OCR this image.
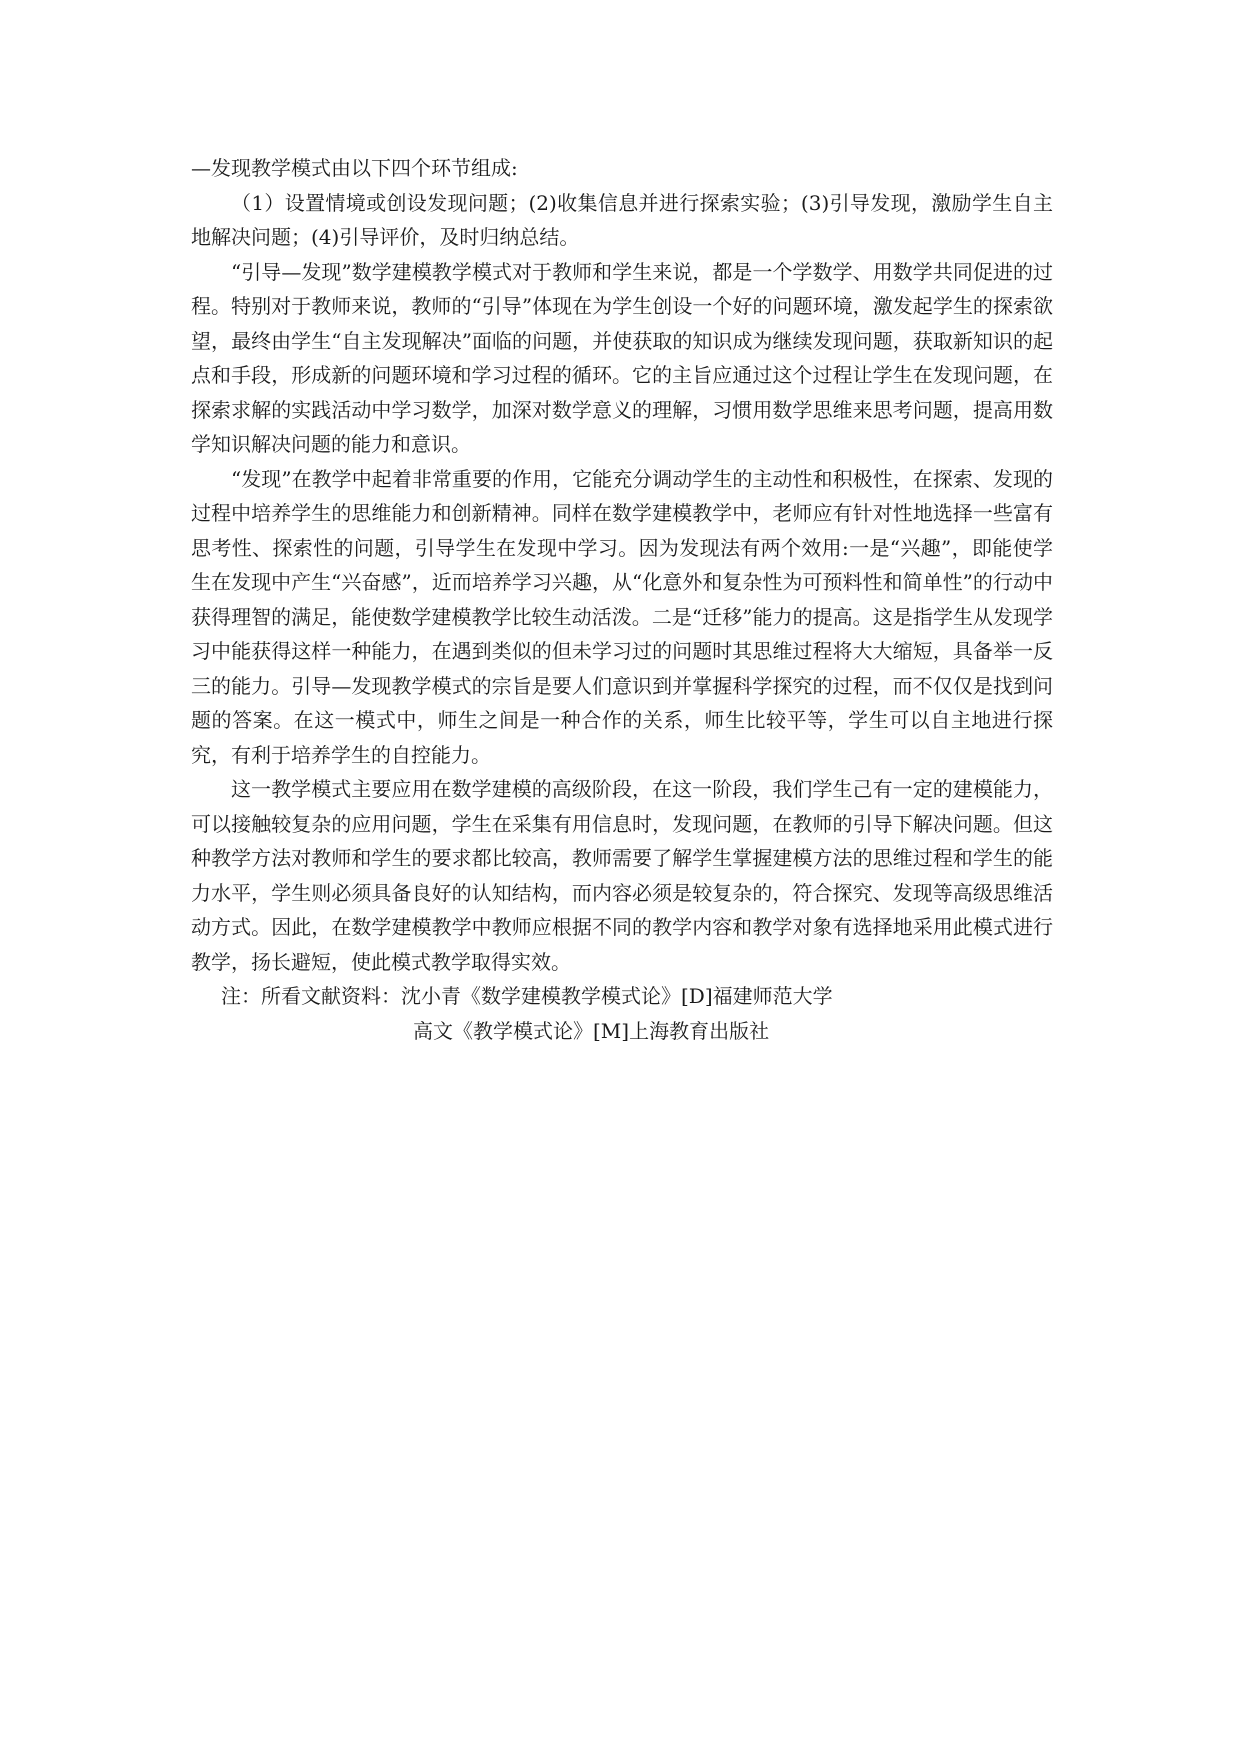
—发现教学模式由以下四个环节组成:

（1）设置情境或创设发现问题；(2)收集信息并进行探索实验；(3)引导发现，激励学生自主地解决问题；(4)引导评价，及时归纳总结。

“引导—发现”数学建模教学模式对于教师和学生来说，都是一个学数学、用数学共同促进的过程。特别对于教师来说，教师的“引导”体现在为学生创设一个好的问题环境，激发起学生的探索欲望，最终由学生“自主发现解决”面临的问题，并使获取的知识成为继续发现问题，获取新知识的起点和手段，形成新的问题环境和学习过程的循环。它的主旨应通过这个过程让学生在发现问题，在探索求解的实践活动中学习数学，加深对数学意义的理解，习惯用数学思维来思考问题，提高用数学知识解决问题的能力和意识。

“发现”在教学中起着非常重要的作用，它能充分调动学生的主动性和积极性，在探索、发现的过程中培养学生的思维能力和创新精神。同样在数学建模教学中，老师应有针对性地选择一些富有思考性、探索性的问题，引导学生在发现中学习。因为发现法有两个效用:一是“兴趣”，即能使学生在发现中产生“兴奋感”，近而培养学习兴趣，从“化意外和复杂性为可预料性和简单性”的行动中获得理智的满足，能使数学建模教学比较生动活泼。二是“迁移”能力的提高。这是指学生从发现学习中能获得这样一种能力，在遇到类似的但未学习过的问题时其思维过程将大大缩短，具备举一反三的能力。引导—发现教学模式的宗旨是要人们意识到并掌握科学探究的过程，而不仅仅是找到问题的答案。在这一模式中，师生之间是一种合作的关系，师生比较平等，学生可以自主地进行探究，有利于培养学生的自控能力。

这一教学模式主要应用在数学建模的高级阶段，在这一阶段，我们学生己有一定的建模能力，可以接触较复杂的应用问题，学生在采集有用信息时，发现问题，在教师的引导下解决问题。但这种教学方法对教师和学生的要求都比较高，教师需要了解学生掌握建模方法的思维过程和学生的能力水平，学生则必须具备良好的认知结构，而内容必须是较复杂的，符合探究、发现等高级思维活动方式。因此，在数学建模教学中教师应根据不同的教学内容和教学对象有选择地采用此模式进行教学，扬长避短，使此模式教学取得实效。

注：所看文献资料：沈小青《数学建模教学模式论》[D]福建师范大学

高文《教学模式论》[M]上海教育出版社
